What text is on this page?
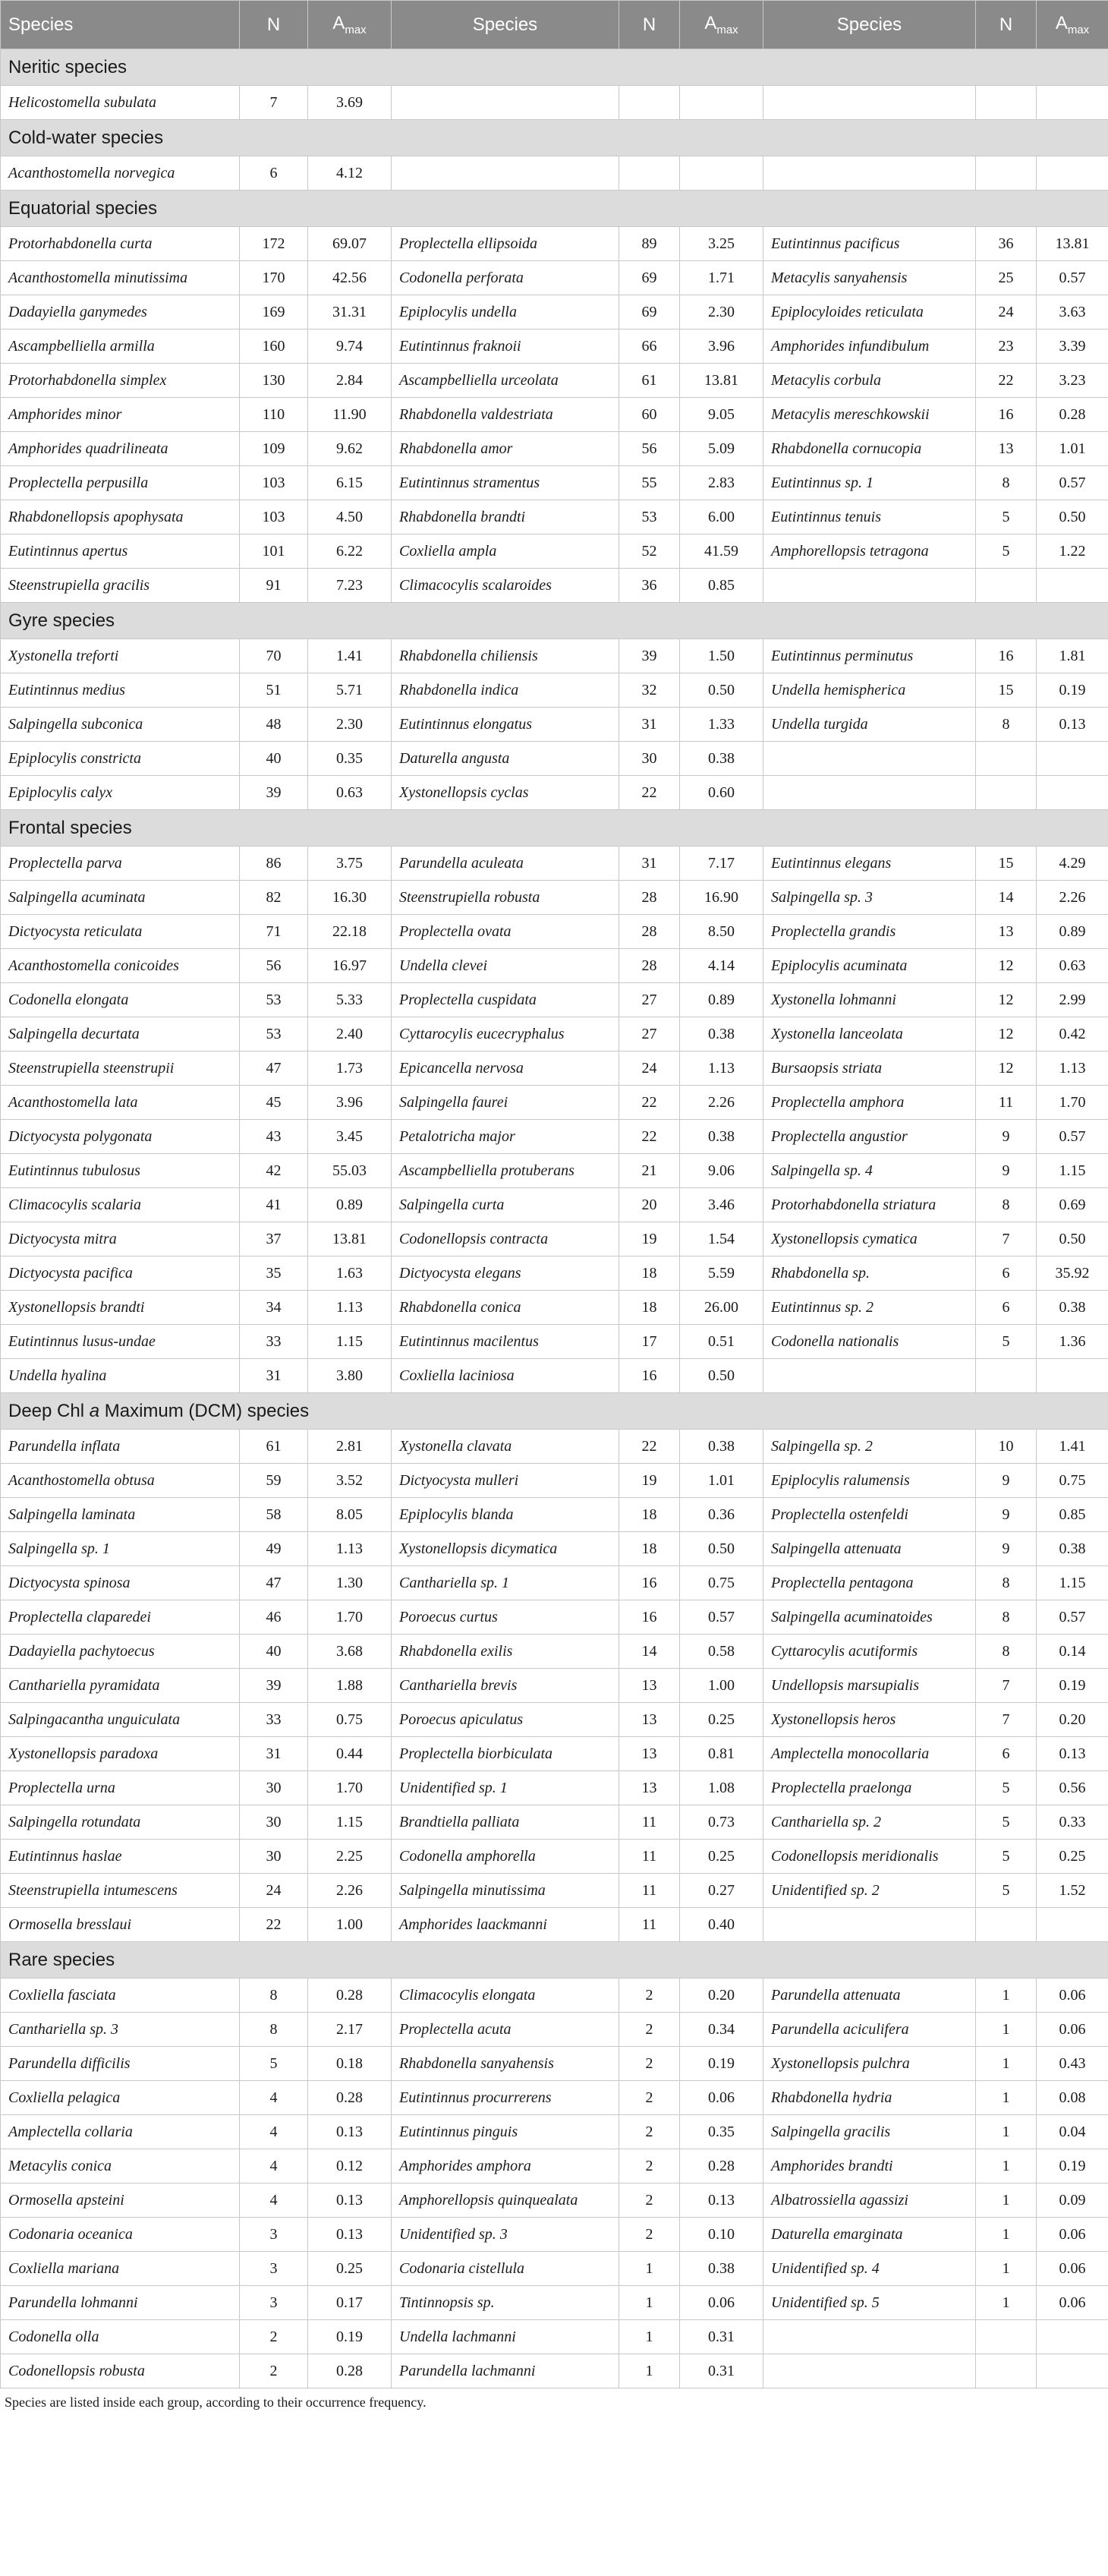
Species	N	$A_{max}$	Species	N	$A_{max}$	Species	N	$A_{max}$
Neritic species								
Helicostomella subulata	7	3.69						
Cold-water species								
Acanthostomella norvegica	6	4.12						
Equatorial species								
Protorhabdonella curta	172	69.07	Proplectella ellipsoida	89	3.25	Eutintinnus pacificus	36	13.81
Acanthostomella minutissima	170	42.56	Codonella perforata	69	1.71	Metacylis sanyahensis	25	0.57
Dadayiella ganymedes	169	31.31	Epiplocylis undella	69	2.30	Epiplocyloides reticulata	24	3.63
Ascampbelliella armilla	160	9.74	Eutintinnus fraknoii	66	3.96	Amphorides infundibulum	23	3.39
Protorhabdonella simplex	130	2.84	Ascampbelliella urceolata	61	13.81	Metacylis corbula	22	3.23
Amphorides minor	110	11.90	Rhabdonella valdestriata	60	9.05	Metacylis mereschkowskii	16	0.28
Amphorides quadrilineata	109	9.62	Rhabdonella amor	56	5.09	Rhabdonella cornucopia	13	1.01
Proplectella perpusilla	103	6.15	Eutintinnus stramentus	55	2.83	Eutintinnus sp. 1	8	0.57
Rhabdonellopsis apophysata	103	4.50	Rhabdonella brandti	53	6.00	Eutintinnus tenuis	5	0.50
Eutintinnus apertus	101	6.22	Coxliella ampla	52	41.59	Amphorellopsis tetragona	5	1.22
Steenstrupiella gracilis	91	7.23	Climacocylis scalaroides	36	0.85			
Gyre species								
Xystonella treforti	70	1.41	Rhabdonella chiliensis	39	1.50	Eutintinnus perminutus	16	1.81
Eutintinnus medius	51	5.71	Rhabdonella indica	32	0.50	Undella hemispherica	15	0.19
Salpingella subconica	48	2.30	Eutintinnus elongatus	31	1.33	Undella turgida	8	0.13
Epiplocylis constricta	40	0.35	Daturella angusta	30	0.38			
Epiplocylis calyx	39	0.63	Xystonellopsis cyclas	22	0.60			
Frontal species								
Proplectella parva	86	3.75	Parundella aculeata	31	7.17	Eutintinnus elegans	15	4.29
Salpingella acuminata	82	16.30	Steenstrupiella robusta	28	16.90	Salpingella sp. 3	14	2.26
Dictyocysta reticulata	71	22.18	Proplectella ovata	28	8.50	Proplectella grandis	13	0.89
Acanthostomella conicoides	56	16.97	Undella clevei	28	4.14	Epiplocylis acuminata	12	0.63
Codonella elongata	53	5.33	Proplectella cuspidata	27	0.89	Xystonella lohmanni	12	2.99
Salpingella decurtata	53	2.40	Cyttarocylis eucecryphalus	27	0.38	Xystonella lanceolata	12	0.42
Steenstrupiella steenstrupii	47	1.73	Epicancella nervosa	24	1.13	Bursaopsis striata	12	1.13
Acanthostomella lata	45	3.96	Salpingella faurei	22	2.26	Proplectella amphora	11	1.70
Dictyocysta polygonata	43	3.45	Petalotricha major	22	0.38	Proplectella angustior	9	0.57
Eutintinnus tubulosus	42	55.03	Ascampbelliella protuberans	21	9.06	Salpingella sp. 4	9	1.15
Climacocylis scalaria	41	0.89	Salpingella curta	20	3.46	Protorhabdonella striatura	8	0.69
Dictyocysta mitra	37	13.81	Codonellopsis contracta	19	1.54	Xystonellopsis cymatica	7	0.50
Dictyocysta pacifica	35	1.63	Dictyocysta elegans	18	5.59	Rhabdonella sp.	6	35.92
Xystonellopsis brandti	34	1.13	Rhabdonella conica	18	26.00	Eutintinnus sp. 2	6	0.38
Eutintinnus lusus-undae	33	1.15	Eutintinnus macilentus	17	0.51	Codonella nationalis	5	1.36
Undella hyalina	31	3.80	Coxliella laciniosa	16	0.50			
Deep Chl a Maximum (DCM) species								
Parundella inflata	61	2.81	Xystonella clavata	22	0.38	Salpingella sp. 2	10	1.41
Acanthostomella obtusa	59	3.52	Dictyocysta mulleri	19	1.01	Epiplocylis ralumensis	9	0.75
Salpingella laminata	58	8.05	Epiplocylis blanda	18	0.36	Proplectella ostenfeldi	9	0.85
Salpingella sp. 1	49	1.13	Xystonellopsis dicymatica	18	0.50	Salpingella attenuata	9	0.38
Dictyocysta spinosa	47	1.30	Canthariella sp. 1	16	0.75	Proplectella pentagona	8	1.15
Proplectella claparedei	46	1.70	Poroecus curtus	16	0.57	Salpingella acuminatoides	8	0.57
Dadayiella pachytoecus	40	3.68	Rhabdonella exilis	14	0.58	Cyttarocylis acutiformis	8	0.14
Canthariella pyramidata	39	1.88	Canthariella brevis	13	1.00	Undellopsis marsupialis	7	0.19
Salpingacantha unguiculata	33	0.75	Poroecus apiculatus	13	0.25	Xystonellopsis heros	7	0.20
Xystonellopsis paradoxa	31	0.44	Proplectella biorbiculata	13	0.81	Amplectella monocollaria	6	0.13
Proplectella urna	30	1.70	Unidentified sp. 1	13	1.08	Proplectella praelonga	5	0.56
Salpingella rotundata	30	1.15	Brandtiella palliata	11	0.73	Canthariella sp. 2	5	0.33
Eutintinnus haslae	30	2.25	Codonella amphorella	11	0.25	Codonellopsis meridionalis	5	0.25
Steenstrupiella intumescens	24	2.26	Salpingella minutissima	11	0.27	Unidentified sp. 2	5	1.52
Ormosella bresslaui	22	1.00	Amphorides laackmanni	11	0.40			
Rare species								
Coxliella fasciata	8	0.28	Climacocylis elongata	2	0.20	Parundella attenuata	1	0.06
Canthariella sp. 3	8	2.17	Proplectella acuta	2	0.34	Parundella aciculifera	1	0.06
Parundella difficilis	5	0.18	Rhabdonella sanyahensis	2	0.19	Xystonellopsis pulchra	1	0.43
Coxliella pelagica	4	0.28	Eutintinnus procurrerens	2	0.06	Rhabdonella hydria	1	0.08
Amplectella collaria	4	0.13	Eutintinnus pinguis	2	0.35	Salpingella gracilis	1	0.04
Metacylis conica	4	0.12	Amphorides amphora	2	0.28	Amphorides brandti	1	0.19
Ormosella apsteini	4	0.13	Amphorellopsis quinquealata	2	0.13	Albatrossiella agassizi	1	0.09
Codonaria oceanica	3	0.13	Unidentified sp. 3	2	0.10	Daturella emarginata	1	0.06
Coxliella mariana	3	0.25	Codonaria cistellula	1	0.38	Unidentified sp. 4	1	0.06
Parundella lohmanni	3	0.17	Tintinnopsis sp.	1	0.06	Unidentified sp. 5	1	0.06
Codonella olla	2	0.19	Undella lachmanni	1	0.31			
Codonellopsis robusta	2	0.28	Parundella lachmanni	1	0.31			
Species are listed inside each group, according to their occurrence frequency.
